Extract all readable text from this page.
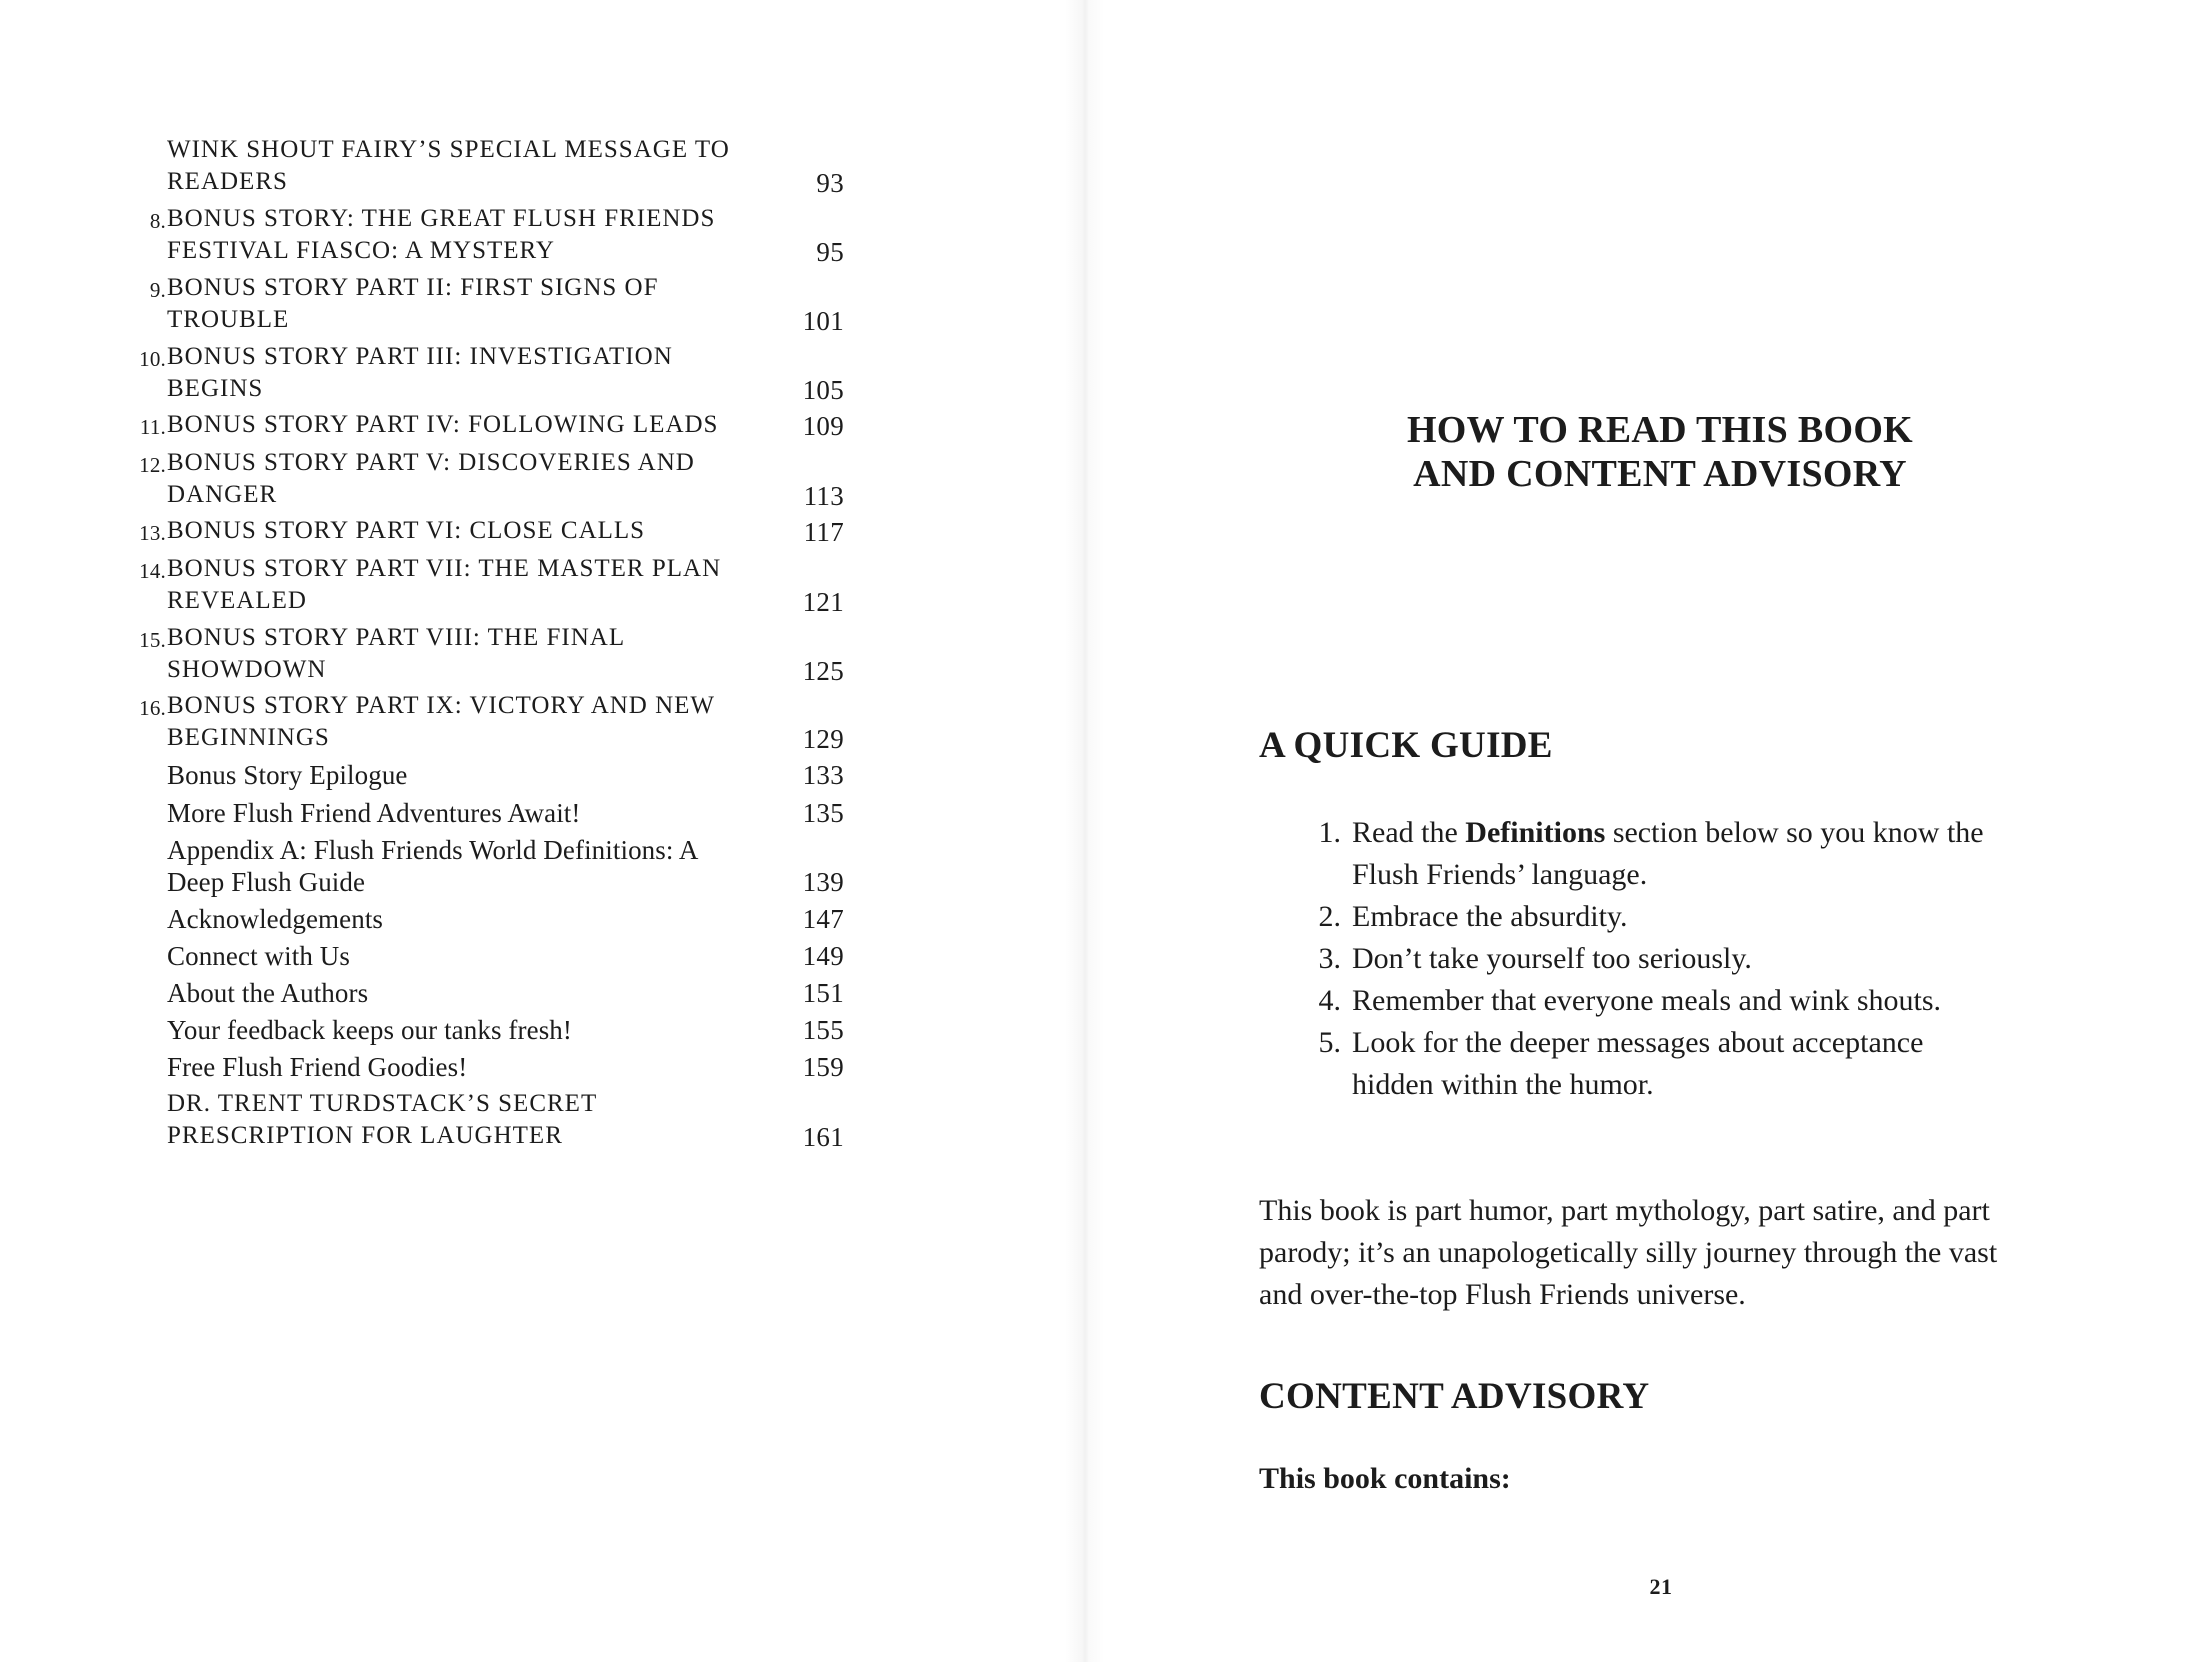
WINK SHOUT FAIRY’S SPECIAL MESSAGE TO
READERS	93
8. BONUS STORY: THE GREAT FLUSH FRIENDS
FESTIVAL FIASCO: A MYSTERY	95
9. BONUS STORY PART II: FIRST SIGNS OF
TROUBLE	101
10. BONUS STORY PART III: INVESTIGATION
BEGINS	105
11. BONUS STORY PART IV: FOLLOWING LEADS	109
12. BONUS STORY PART V: DISCOVERIES AND
DANGER	113
13. BONUS STORY PART VI: CLOSE CALLS	117
14. BONUS STORY PART VII: THE MASTER PLAN
REVEALED	121
15. BONUS STORY PART VIII: THE FINAL
SHOWDOWN	125
16. BONUS STORY PART IX: VICTORY AND NEW
BEGINNINGS	129
Bonus Story Epilogue	133
More Flush Friend Adventures Await!	135
Appendix A: Flush Friends World Definitions: A
Deep Flush Guide	139
Acknowledgements	147
Connect with Us	149
About the Authors	151
Your feedback keeps our tanks fresh!	155
Free Flush Friend Goodies!	159
DR. TRENT TURDSTACK’S SECRET
PRESCRIPTION FOR LAUGHTER	161
HOW TO READ THIS BOOK
AND CONTENT ADVISORY
A QUICK GUIDE
1. Read the Definitions section below so you know the
Flush Friends’ language.
2. Embrace the absurdity.
3. Don’t take yourself too seriously.
4. Remember that everyone meals and wink shouts.
5. Look for the deeper messages about acceptance
hidden within the humor.
This book is part humor, part mythology, part satire, and part
parody; it’s an unapologetically silly journey through the vast
and over-the-top Flush Friends universe.
CONTENT ADVISORY
This book contains:
21
